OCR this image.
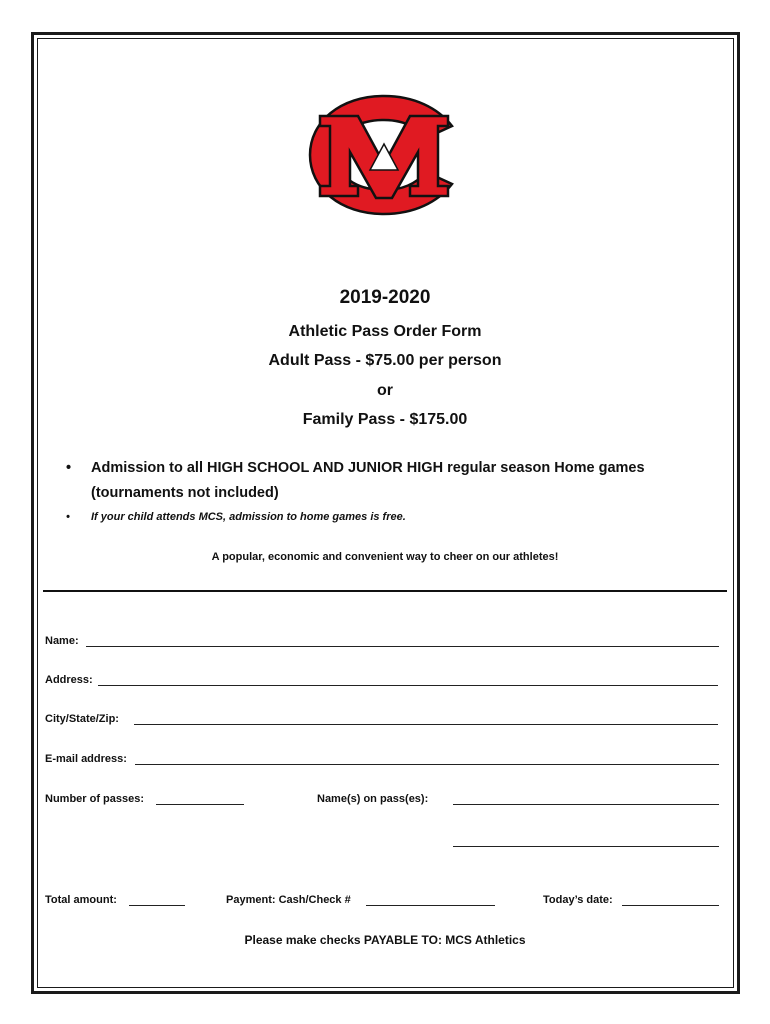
2019-2020
Athletic Pass Order Form
Adult Pass - $75.00 per person
or
Family Pass - $175.00
• Admission to all HIGH SCHOOL AND JUNIOR HIGH regular season Home games (tournaments not included)
• If your child attends MCS, admission to home games is free.
A popular, economic and convenient way to cheer on our athletes!
Name:
Address:
City/State/Zip:
E-mail address:
Number of passes:	Name(s) on pass(es):
Total amount:	Payment: Cash/Check #	Today’s date:
Please make checks PAYABLE TO: MCS Athletics
